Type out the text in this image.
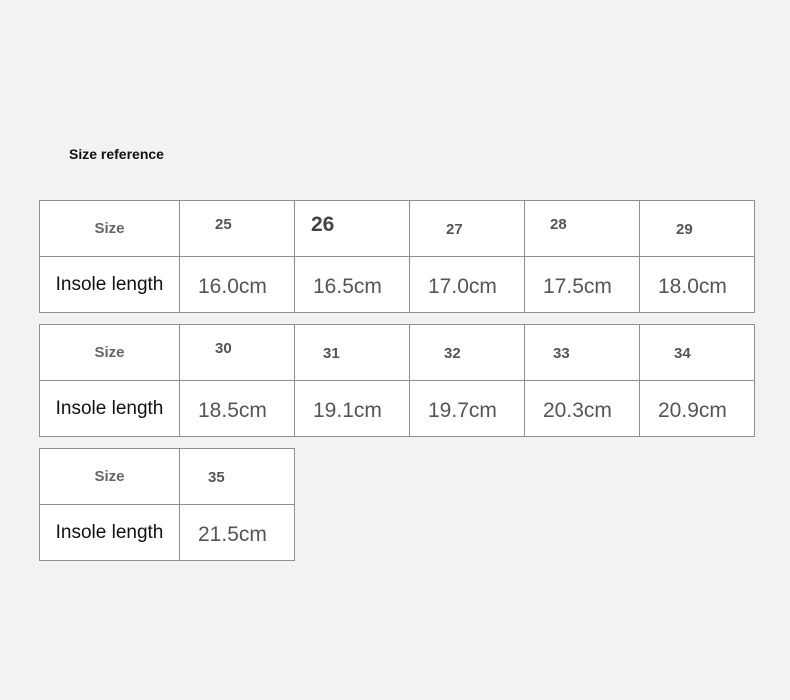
Size reference
Size	25	26	27	28	29

Insole length	16.0cm	16.5cm	17.0cm	17.5cm	18.0cm
Size	30	31	32	33	34

Insole length	18.5cm	19.1cm	19.7cm	20.3cm	20.9cm
Size	35

Insole length	21.5cm
